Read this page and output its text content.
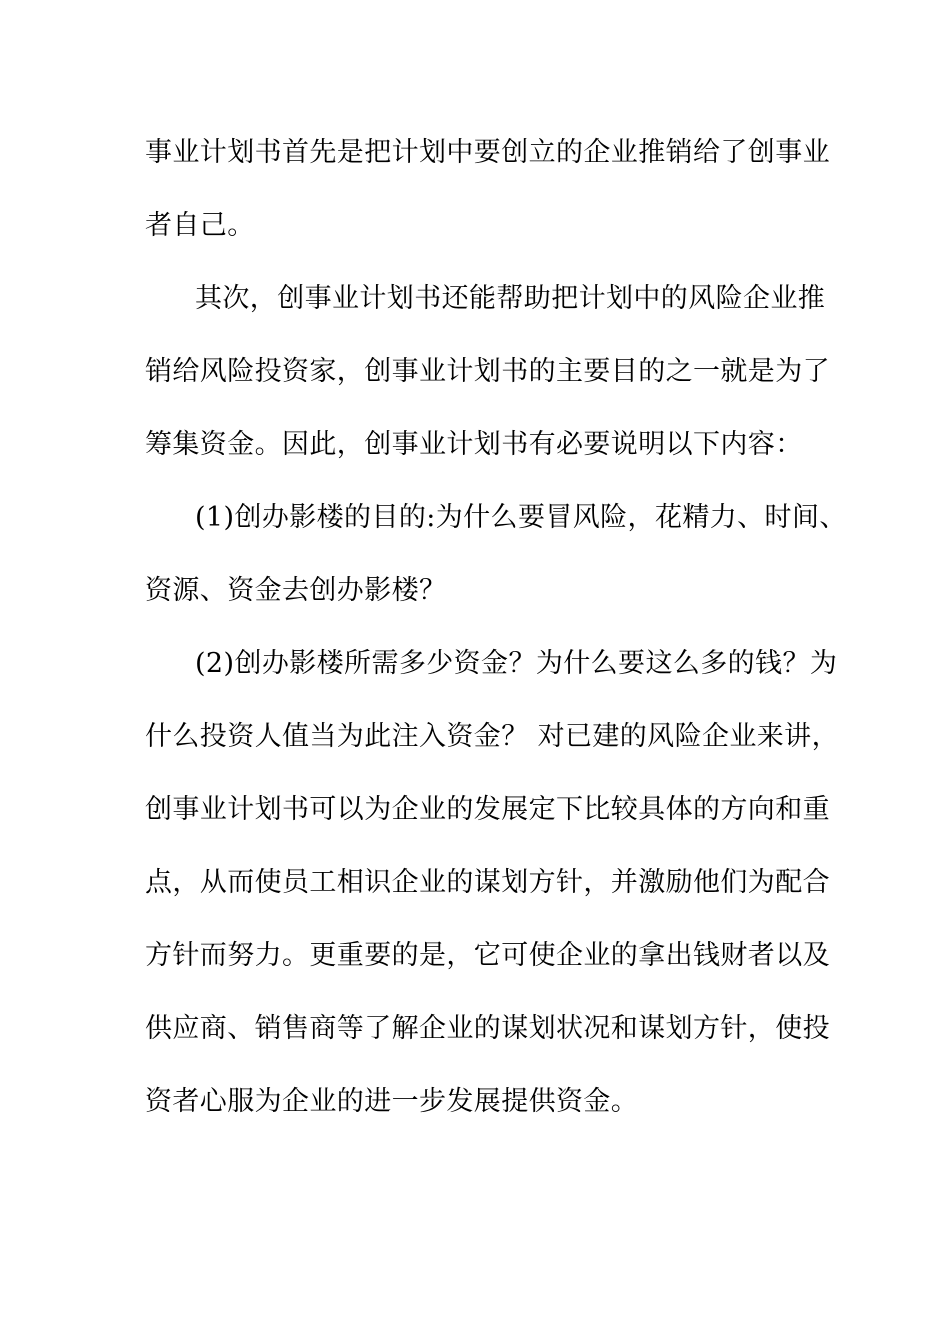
事业计划书首先是把计划中要创立的企业推销给了创事业

者自己。

其次，创事业计划书还能帮助把计划中的风险企业推

销给风险投资家，创事业计划书的主要目的之一就是为了

筹集资金。因此，创事业计划书有必要说明以下内容：

(1)创办影楼的目的:为什么要冒风险，花精力、时间、

资源、资金去创办影楼？

(2)创办影楼所需多少资金？为什么要这么多的钱？为

什么投资人值当为此注入资金？ 对已建的风险企业来讲，

创事业计划书可以为企业的发展定下比较具体的方向和重

点，从而使员工相识企业的谋划方针，并激励他们为配合

方针而努力。更重要的是，它可使企业的拿出钱财者以及

供应商、销售商等了解企业的谋划状况和谋划方针，使投

资者心服为企业的进一步发展提供资金。
